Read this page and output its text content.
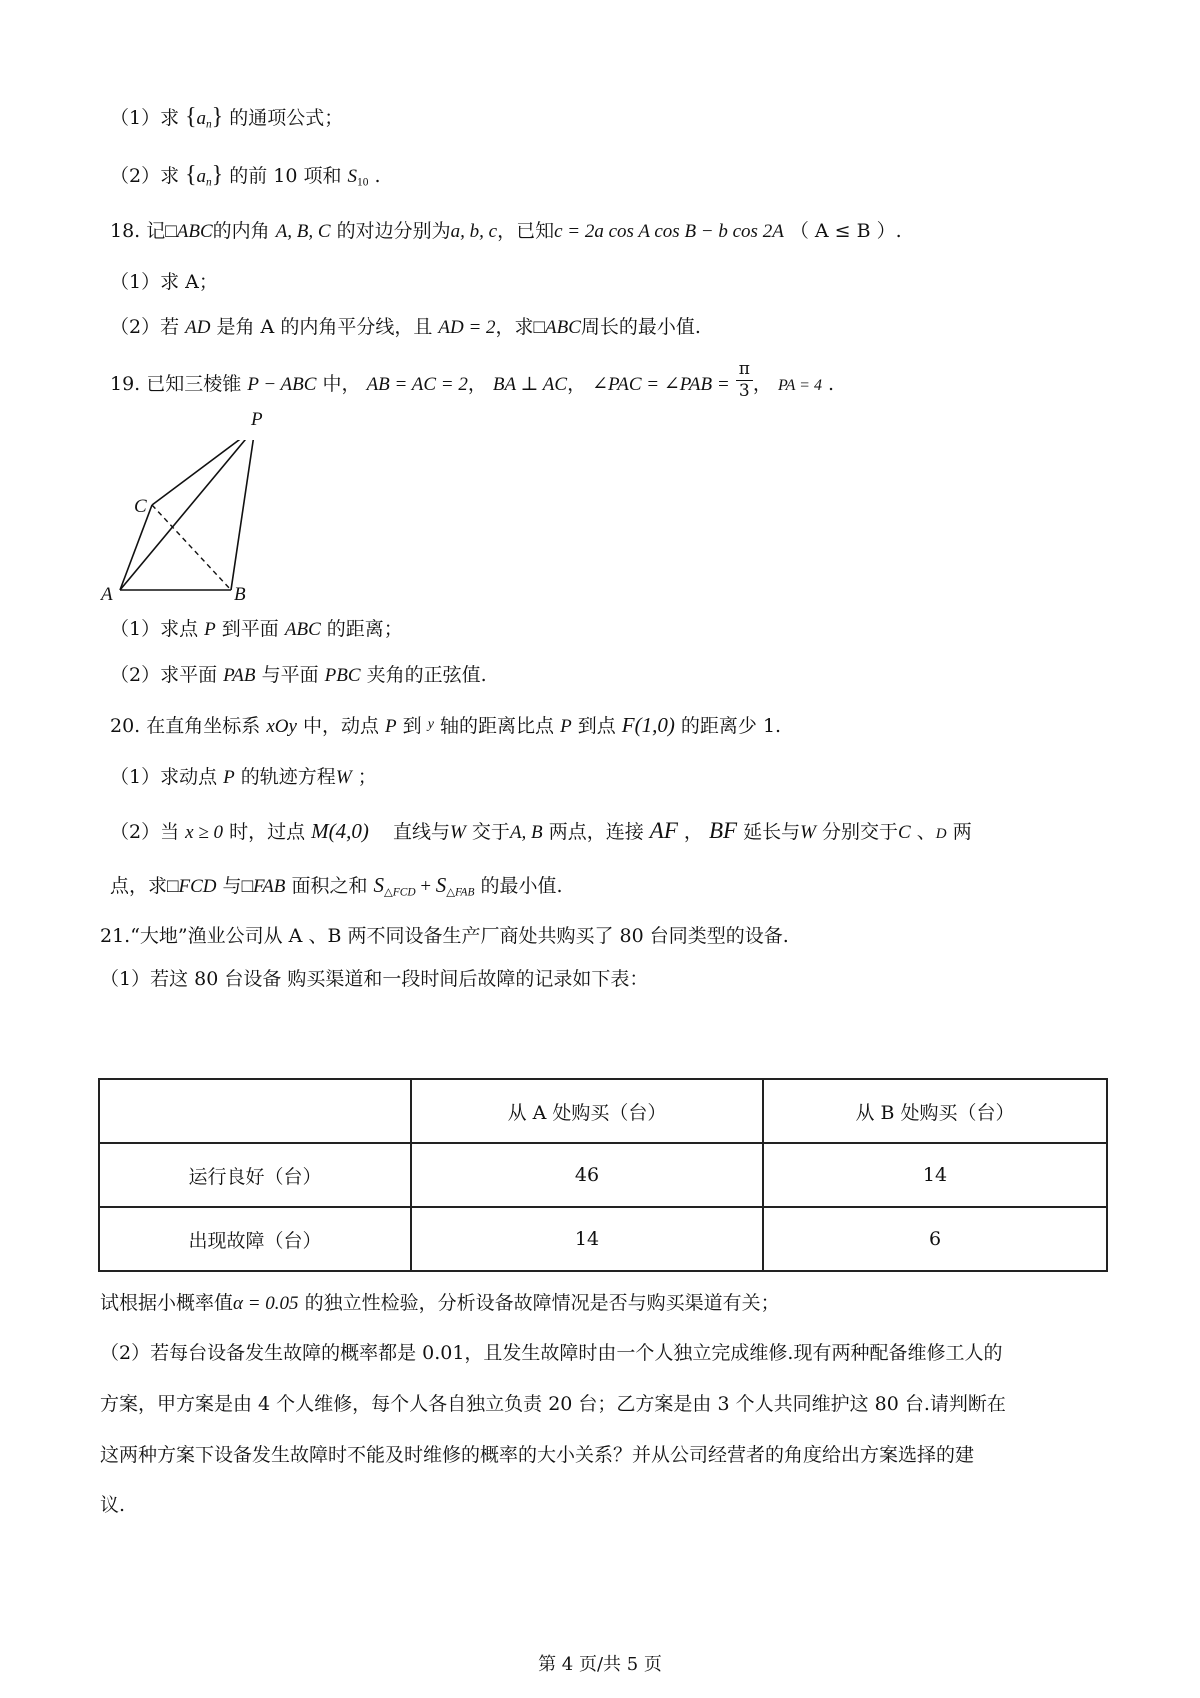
（1）求 $\{a_n\}$ 的通项公式；
（2）求 $\{a_n\}$ 的前 10 项和 $S_{10}$ .
18. 记□ABC的内角 A, B, C 的对边分别为a, b, c，已知c = 2a cos A cos B − b cos 2A （ A ≤ B ）.
（1）求 A；
（2）若 AD 是角 A 的内角平分线，且 AD = 2，求□ABC周长的最小值.
19. 已知三棱锥 P − ABC 中， AB = AC = 2， BA ⊥ AC， ∠PAC = ∠PAB = $\frac{\pi}{3}$ ， PA = 4 .
P
C
A	B
（1）求点 P 到平面 ABC 的距离；
（2）求平面 PAB 与平面 PBC 夹角的正弦值.
20. 在直角坐标系 xOy 中，动点 P 到 $^y$ 轴的距离比点 P 到点 F(1,0) 的距离少 1.
（1）求动点 P 的轨迹方程W ；
（2）当 x ≥ 0 时，过点 M(4,0) 直线与W 交于A, B 两点，连接 AF ， BF 延长与W 分别交于C 、D 两
点，求□FCD 与□FAB 面积之和 $S_{\triangle FCD} + S_{\triangle FAB}$ 的最小值.
21.“大地”渔业公司从 A 、B 两不同设备生产厂商处共购买了 80 台同类型的设备.
（1）若这 80 台设备 购买渠道和一段时间后故障的记录如下表：
	从 A 处购买（台）	从 B 处购买（台）
运行良好（台）	46	14
出现故障（台）	14	6
试根据小概率值α = 0.05 的独立性检验，分析设备故障情况是否与购买渠道有关；
（2）若每台设备发生故障的概率都是 0.01，且发生故障时由一个人独立完成维修.现有两种配备维修工人的
方案，甲方案是由 4 个人维修，每个人各自独立负责 20 台；乙方案是由 3 个人共同维护这 80 台.请判断在
这两种方案下设备发生故障时不能及时维修的概率的大小关系？并从公司经营者的角度给出方案选择的建
议.
第 4 页/共 5 页
